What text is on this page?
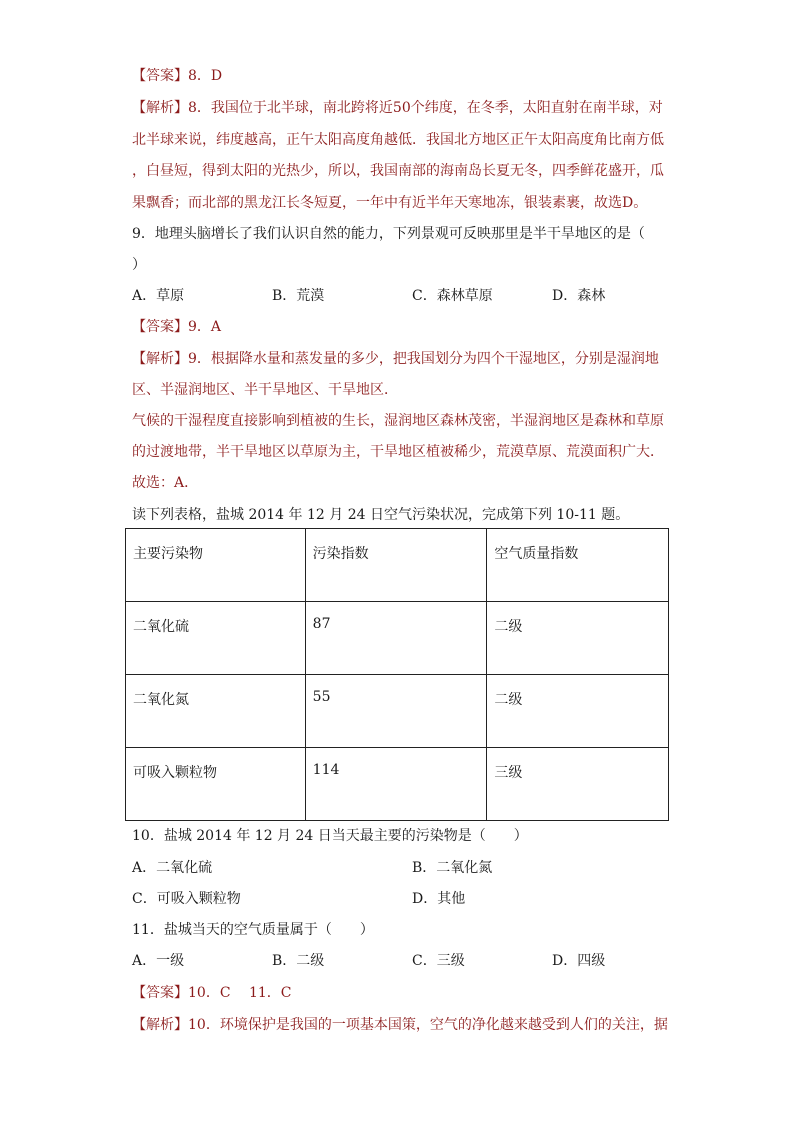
【答案】8．D
【解析】8．我国位于北半球，南北跨将近50个纬度，在冬季，太阳直射在南半球，对
北半球来说，纬度越高，正午太阳高度角越低．我国北方地区正午太阳高度角比南方低
，白昼短，得到太阳的光热少，所以，我国南部的海南岛长夏无冬，四季鲜花盛开，瓜
果飘香；而北部的黑龙江长冬短夏，一年中有近半年天寒地冻，银装素裹，故选D。
9．地理头脑增长了我们认识自然的能力，下列景观可反映那里是半干旱地区的是（
）
A．草原	B．荒漠	C．森林草原	D．森林
【答案】9．A
【解析】9．根据降水量和蒸发量的多少，把我国划分为四个干湿地区，分别是湿润地
区、半湿润地区、半干旱地区、干旱地区．
气候的干湿程度直接影响到植被的生长，湿润地区森林茂密，半湿润地区是森林和草原
的过渡地带，半干旱地区以草原为主，干旱地区植被稀少，荒漠草原、荒漠面积广大．
故选：A．
读下列表格，盐城 2014 年 12 月 24 日空气污染状况，完成第下列 10-11 题。
主要污染物	污染指数	空气质量指数
二氧化硫	87	二级
二氧化氮	55	二级
可吸入颗粒物	114	三级
10．盐城 2014 年 12 月 24 日当天最主要的污染物是（　　）
A．二氧化硫	B．二氧化氮
C．可吸入颗粒物	D．其他
11．盐城当天的空气质量属于（　　）
A．一级	B．二级	C．三级	D．四级
【答案】10．C　 11．C
【解析】10．环境保护是我国的一项基本国策，空气的净化越来越受到人们的关注，据
